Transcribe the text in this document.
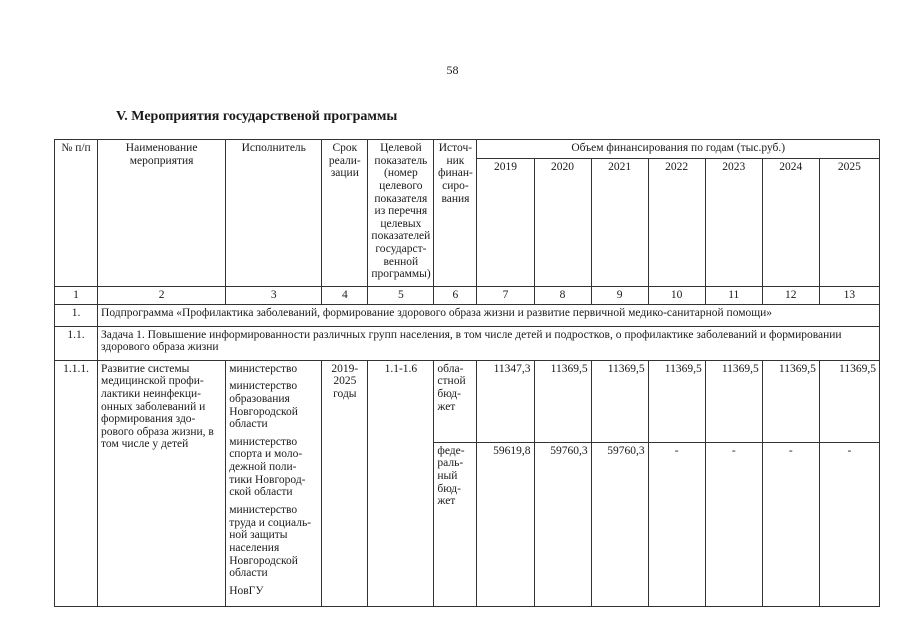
58
V. Мероприятия государственой программы
№ п/п	Наименование мероприятия	Исполнитель	Срок реали-зации	Целевой показатель (номер целевого показателя из перечня целевых показателей государст-венной программы)	Источ-ник финан-сиро-вания	Объем финансирования по годам (тыс.руб.)						
						2019	2020	2021	2022	2023	2024	2025
1	2	3	4	5	6	7	8	9	10	11	12	13
1.	Подпрограмма «Профилактика заболеваний, формирование здорового образа жизни и развитие первичной медико-санитарной помощи»											
1.1.	Задача 1. Повышение информированности различных групп населения, в том числе детей и подростков, о профилактике заболеваний и формировании здорового образа жизни											
1.1.1.	Развитие системы медицинской профи-лактики неинфекци-онных заболеваний и формирования здо-рового образа жизни, в том числе у детей	министерство
министерство образования Новгородской области
министерство спорта и моло-дежной поли-тики Новгород-ской области
министерство труда и социаль-ной защиты населения Новгородской области
НовГУ	2019-2025 годы	1.1-1.6	обла-стной бюд-жет	11347,3	11369,5	11369,5	11369,5	11369,5	11369,5	11369,5
					феде-раль-ный бюд-жет	59619,8	59760,3	59760,3	-	-	-	-
